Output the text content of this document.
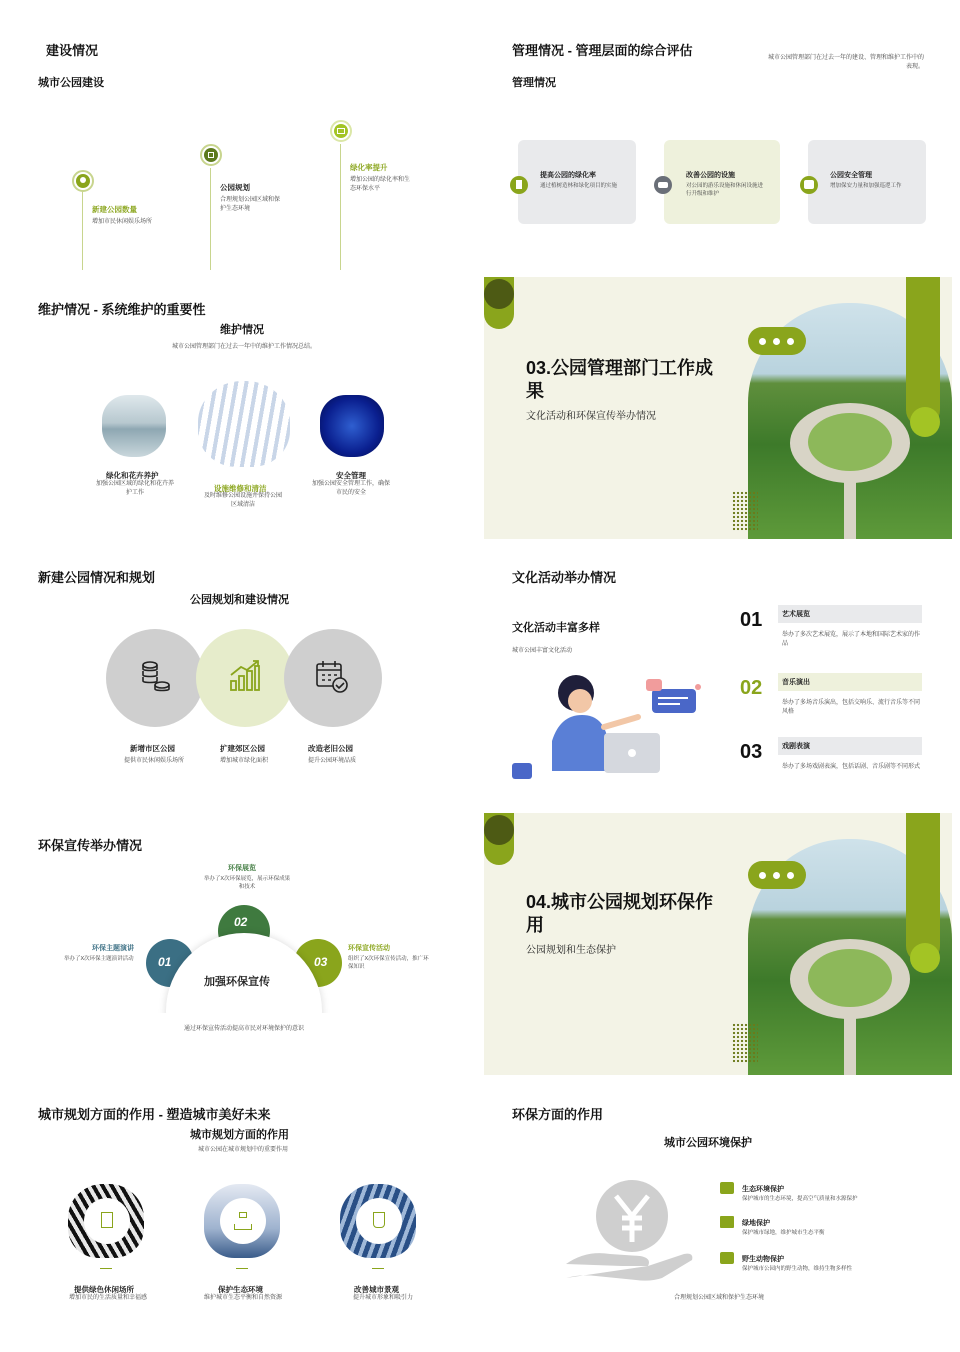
建设情况
城市公园建设
新建公园数量
增加市民休闲娱乐场所
公园规划
合理规划公园区域和保护生态环境
绿化率提升
增加公园的绿化率和生态环保水平
管理情况 - 管理层面的综合评估
管理情况
城市公园管理部门在过去一年的建设、管理和维护工作中的表现。
提高公园的绿化率
通过植树造林和绿化项目的实施
改善公园的设施
对公园的游乐设施和休闲设施进行升级和维护
公园安全管理
增加保安力量和加强巡逻工作
维护情况 - 系统维护的重要性
维护情况
城市公园管理部门在过去一年中的维护工作情况总结。
绿化和花卉养护
加强公园区域的绿化和花卉养护工作	设施维修和清洁
及时维修公园设施并保持公园区域清洁
安全管理
加强公园安全管理工作，确保市民的安全
03.公园管理部门工作成果
文化活动和环保宣传举办情况
新建公园情况和规划
公园规划和建设情况
新增市区公园
提供市民休闲娱乐场所
扩建郊区公园
增加城市绿化面积
改造老旧公园
提升公园环境品质
文化活动举办情况
文化活动丰富多样
城市公园丰富文化活动
01	艺术展览
举办了多次艺术展览，展示了本地和国际艺术家的作品
02	音乐演出
举办了多场音乐演出，包括交响乐、流行音乐等不同风格
03	戏剧表演
举办了多场戏剧表演，包括话剧、音乐剧等不同形式
环保宣传举办情况
01
02
03
加强环保宣传
通过环保宣传活动提高市民对环境保护的意识
环保主题演讲
举办了X次环保主题演讲活动
环保展览
举办了X次环保展览，展示环保成果和技术
环保宣传活动
组织了X次环保宣传活动，推广环保知识
04.城市公园规划环保作用
公园规划和生态保护
城市规划方面的作用 - 塑造城市美好未来
城市规划方面的作用
城市公园在城市规划中的重要作用
提供绿色休闲场所
增加市民的生活质量和幸福感
保护生态环境
维护城市生态平衡和自然资源
改善城市景观
提升城市形象和吸引力
环保方面的作用
城市公园环境保护
生态环境保护
保护城市的生态环境，提高空气质量和水源保护
绿地保护
保护城市绿地，维护城市生态平衡
野生动物保护
保护城市公园内的野生动物，维持生物多样性
合理规划公园区域和保护生态环境
